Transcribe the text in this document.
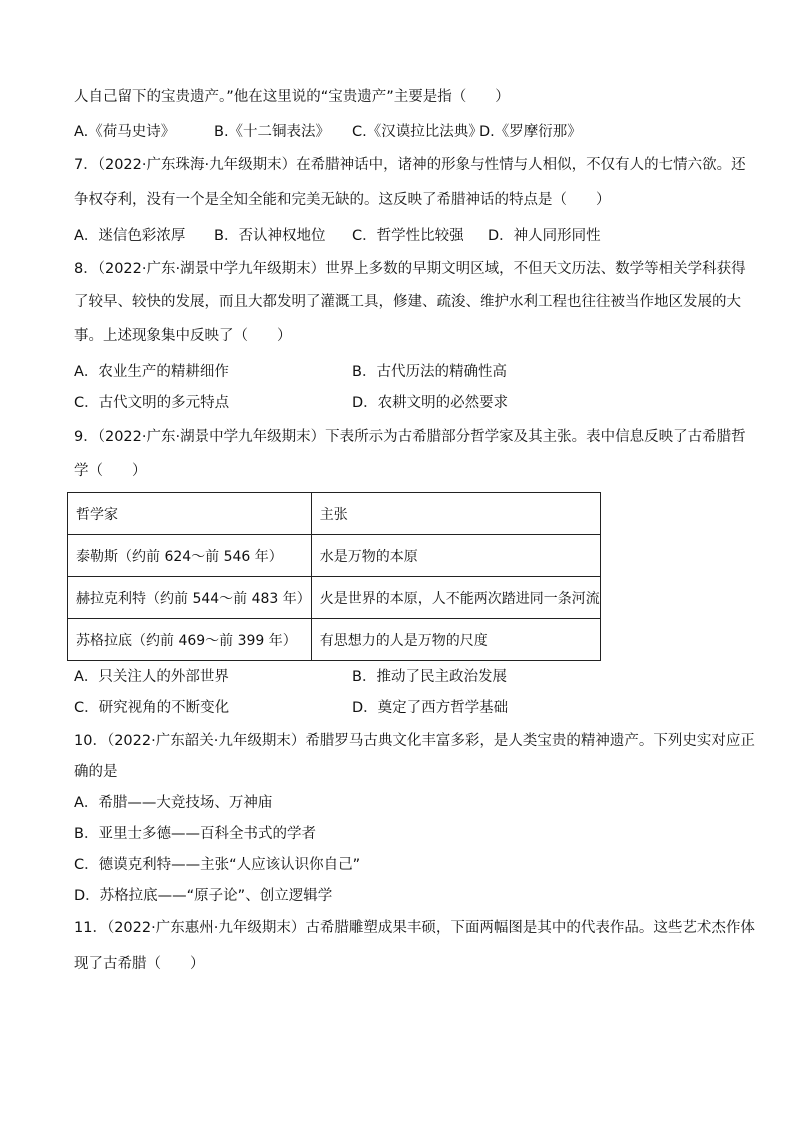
人自己留下的宝贵遗产。”他在这里说的“宝贵遗产”主要是指（　　）
A.《荷马史诗》	B.《十二铜表法》 C.《汉谟拉比法典》
D.《罗摩衍那》
7．（2022·广东珠海·九年级期末）在希腊神话中，诸神的形象与性情与人相似，不仅有人的七情六欲。还
争权夺利，没有一个是全知全能和完美无缺的。这反映了希腊神话的特点是（　　）
A．迷信色彩浓厚 B．否认神权地位 C．哲学性比较强 D．神人同形同性
8．（2022·广东·湖景中学九年级期末）世界上多数的早期文明区域，不但天文历法、数学等相关学科获得
了较早、较快的发展，而且大都发明了灌溉工具，修建、疏浚、维护水利工程也往往被当作地区发展的大
事。上述现象集中反映了（　　）
A．农业生产的精耕细作	B．古代历法的精确性高
C．古代文明的多元特点	D．农耕文明的必然要求
9．（2022·广东·湖景中学九年级期末）下表所示为古希腊部分哲学家及其主张。表中信息反映了古希腊哲
学（　　）
哲学家	主张
泰勒斯（约前 624～前 546 年）	水是万物的本原
赫拉克利特（约前 544～前 483 年）	火是世界的本原，人不能两次踏进同一条河流
苏格拉底（约前 469～前 399 年）	有思想力的人是万物的尺度
A．只关注人的外部世界	B．推动了民主政治发展
C．研究视角的不断变化	D．奠定了西方哲学基础
10．（2022·广东韶关·九年级期末）希腊罗马古典文化丰富多彩，是人类宝贵的精神遗产。下列史实对应正
确的是
A．希腊——大竞技场、万神庙
B．亚里士多德——百科全书式的学者
C．德谟克利特——主张“人应该认识你自己”
D．苏格拉底——“原子论”、创立逻辑学
11．（2022·广东惠州·九年级期末）古希腊雕塑成果丰硕，下面两幅图是其中的代表作品。这些艺术杰作体
现了古希腊（　　）
